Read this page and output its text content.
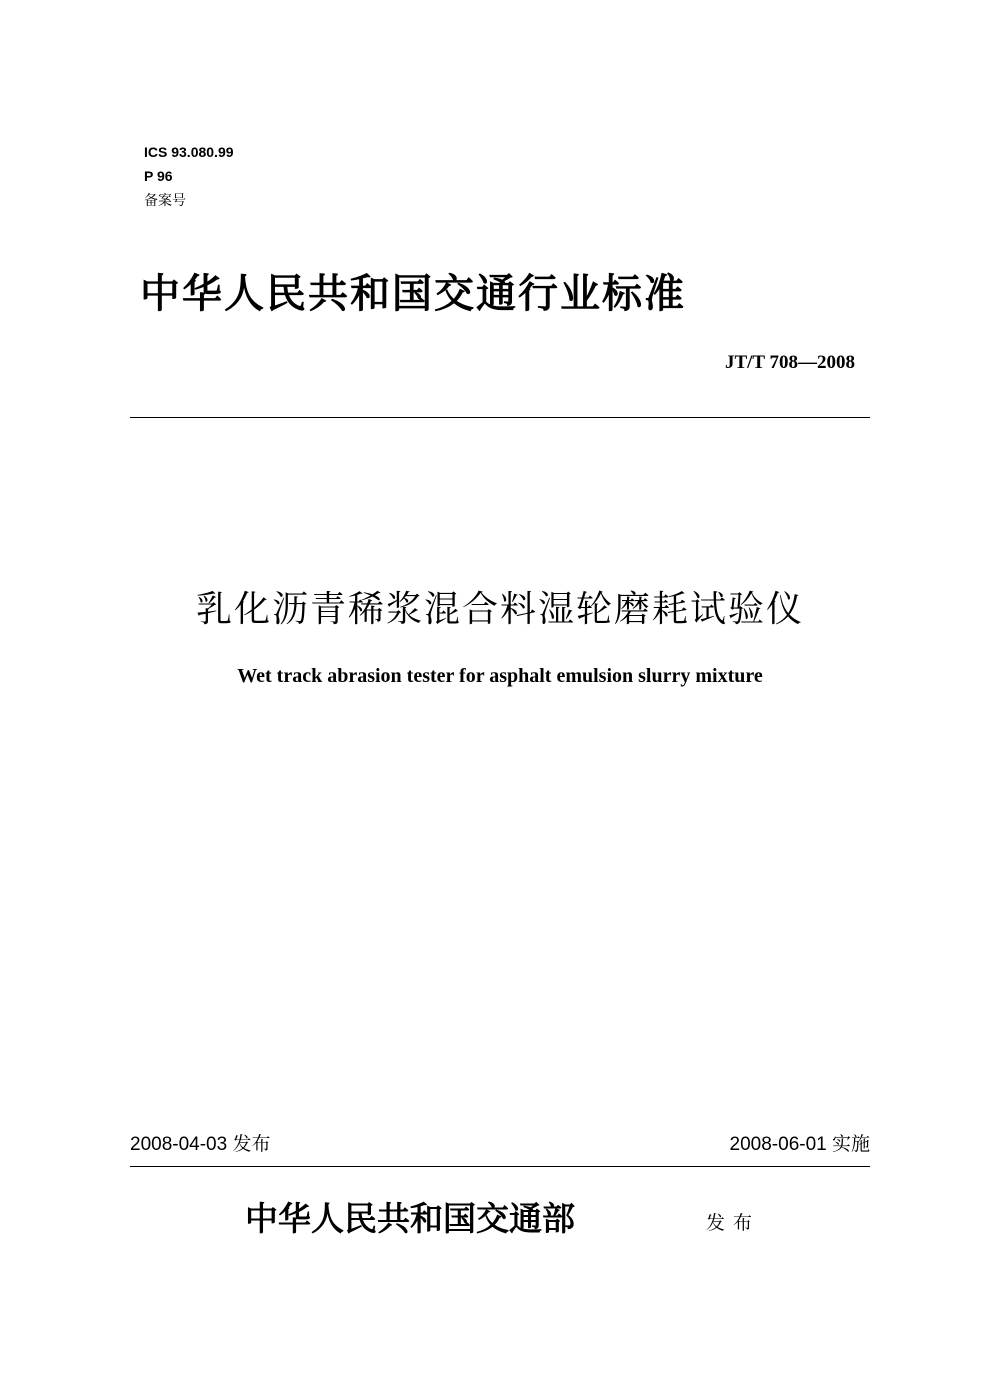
ICS 93.080.99
P 96
备案号
中华人民共和国交通行业标准
JT/T 708—2008
乳化沥青稀浆混合料湿轮磨耗试验仪
Wet track abrasion tester for asphalt emulsion slurry mixture
2008-04-03 发布	2008-06-01 实施
中华人民共和国交通部	发布
